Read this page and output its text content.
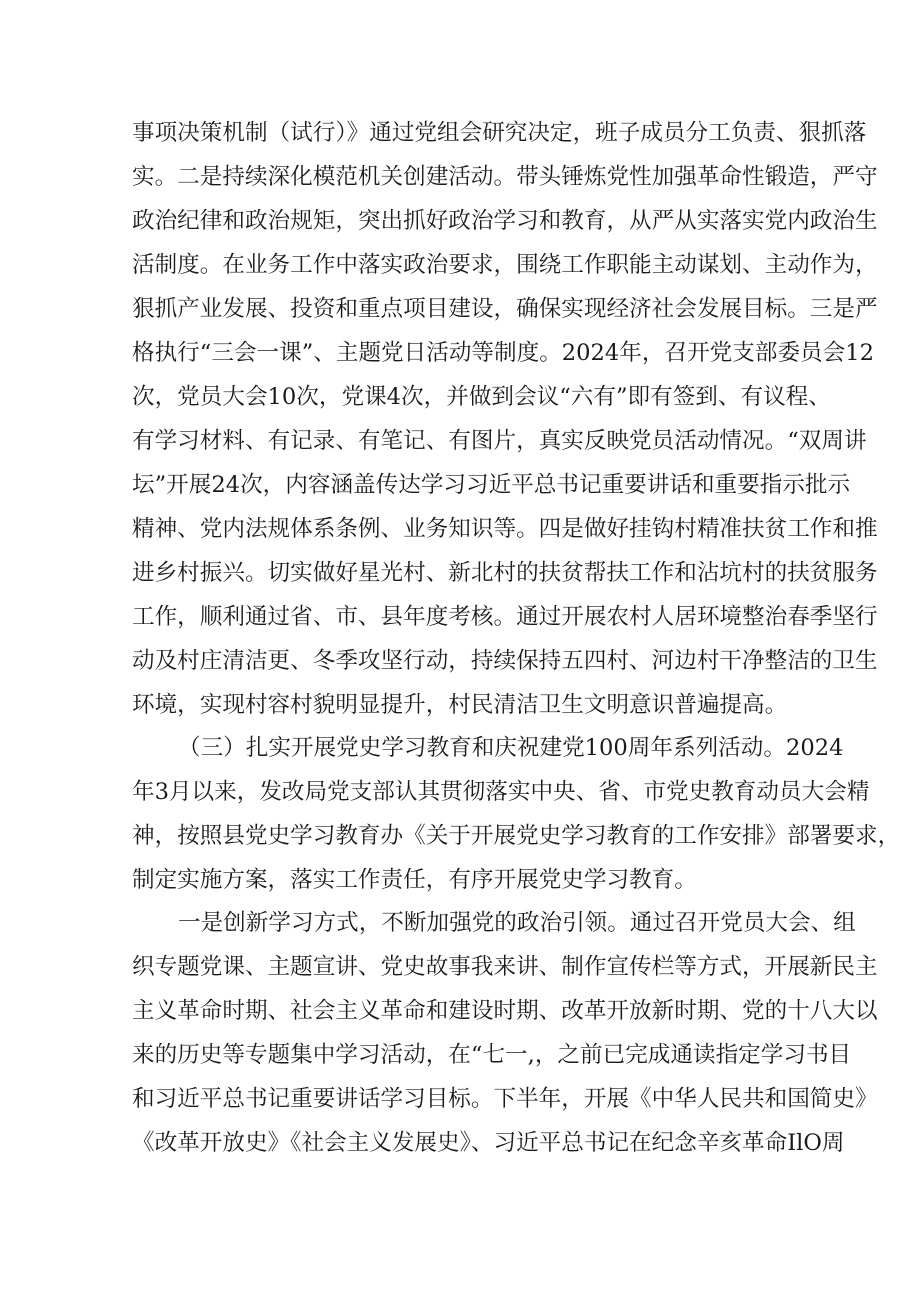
事项决策机制（试行）》通过党组会研究决定，班子成员分工负责、狠抓落
实。二是持续深化模范机关创建活动。带头锤炼党性加强革命性锻造，严守
政治纪律和政治规矩，突出抓好政治学习和教育，从严从实落实党内政治生
活制度。在业务工作中落实政治要求，围绕工作职能主动谋划、主动作为，
狠抓产业发展、投资和重点项目建设，确保实现经济社会发展目标。三是严
格执行“三会一课”、主题党日活动等制度。2024年，召开党支部委员会12
次，党员大会10次，党课4次，并做到会议“六有”即有签到、有议程、
有学习材料、有记录、有笔记、有图片，真实反映党员活动情况。“双周讲
坛”开展24次，内容涵盖传达学习习近平总书记重要讲话和重要指示批示
精神、党内法规体系条例、业务知识等。四是做好挂钩村精准扶贫工作和推
进乡村振兴。切实做好星光村、新北村的扶贫帮扶工作和沾坑村的扶贫服务
工作，顺利通过省、市、县年度考核。通过开展农村人居环境整治春季坚行
动及村庄清洁更、冬季攻坚行动，持续保持五四村、河边村干净整洁的卫生
环境，实现村容村貌明显提升，村民清洁卫生文明意识普遍提高。
（三）扎实开展党史学习教育和庆祝建党100周年系列活动。2024
年3月以来，发改局党支部认其贯彻落实中央、省、市党史教育动员大会精
神，按照县党史学习教育办《关于开展党史学习教育的工作安排》部署要求，
制定实施方案，落实工作责任，有序开展党史学习教育。
一是创新学习方式，不断加强党的政治引领。通过召开党员大会、组
织专题党课、主题宣讲、党史故事我来讲、制作宣传栏等方式，开展新民主
主义革命时期、社会主义革命和建设时期、改革开放新时期、党的十八大以
来的历史等专题集中学习活动，在“七一,，之前已完成通读指定学习书目
和习近平总书记重要讲话学习目标。下半年，开展《中华人民共和国简史》
《改革开放史》《社会主义发展史》、习近平总书记在纪念辛亥革命IlO周
